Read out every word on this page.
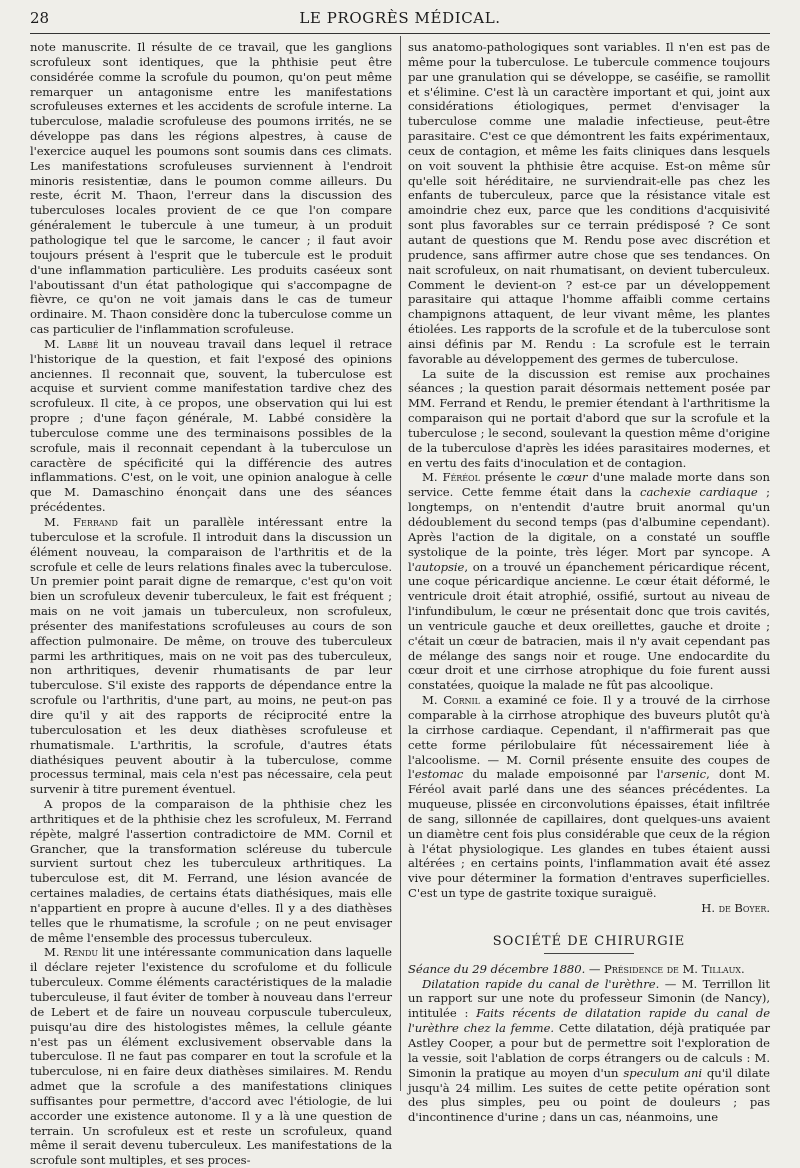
28	LE PROGRÈS MÉDICAL.

note manuscrite. Il résulte de ce travail, que les ganglions scrofuleux sont identiques, que la phthisie peut être considérée comme la scrofule du poumon, qu'on peut même remarquer un antagonisme entre les manifestations scrofuleuses externes et les accidents de scrofule interne. La tuberculose, maladie scrofuleuse des poumons irrités, ne se développe pas dans les régions alpestres, à cause de l'exercice auquel les poumons sont soumis dans ces climats. Les manifestations scrofuleuses surviennent à l'endroit minoris resistentiæ, dans le poumon comme ailleurs. Du reste, écrit M. Thaon, l'erreur dans la discussion des tuberculoses locales provient de ce que l'on compare généralement le tubercule à une tumeur, à un produit pathologique tel que le sarcome, le cancer ; il faut avoir toujours présent à l'esprit que le tubercule est le produit d'une inflammation particulière. Les produits caséeux sont l'aboutissant d'un état pathologique qui s'accompagne de fièvre, ce qu'on ne voit jamais dans le cas de tumeur ordinaire. M. Thaon considère donc la tuberculose comme un cas particulier de l'inflammation scrofuleuse.

M. Labbé lit un nouveau travail dans lequel il retrace l'historique de la question, et fait l'exposé des opinions anciennes. Il reconnait que, souvent, la tuberculose est acquise et survient comme manifestation tardive chez des scrofuleux. Il cite, à ce propos, une observation qui lui est propre ; d'une façon générale, M. Labbé considère la tuberculose comme une des terminaisons possibles de la scrofule, mais il reconnait cependant à la tuberculose un caractère de spécificité qui la différencie des autres inflammations. C'est, on le voit, une opinion analogue à celle que M. Damaschino énonçait dans une des séances précédentes.

M. Ferrand fait un parallèle intéressant entre la tuberculose et la scrofule. Il introduit dans la discussion un élément nouveau, la comparaison de l'arthritis et de la scrofule et celle de leurs relations finales avec la tuberculose. Un premier point parait digne de remarque, c'est qu'on voit bien un scrofuleux devenir tuberculeux, le fait est fréquent ; mais on ne voit jamais un tuberculeux, non scrofuleux, présenter des manifestations scrofuleuses au cours de son affection pulmonaire. De même, on trouve des tuberculeux parmi les arthritiques, mais on ne voit pas des tuberculeux, non arthritiques, devenir rhumatisants de par leur tuberculose. S'il existe des rapports de dépendance entre la scrofule ou l'arthritis, d'une part, au moins, ne peut-on pas dire qu'il y ait des rapports de réciprocité entre la tuberculosation et les deux diathèses scrofuleuse et rhumatismale. L'arthritis, la scrofule, d'autres états diathésiques peuvent aboutir à la tuberculose, comme processus terminal, mais cela n'est pas nécessaire, cela peut survenir à titre purement éventuel.

A propos de la comparaison de la phthisie chez les arthritiques et de la phthisie chez les scrofuleux, M. Ferrand répète, malgré l'assertion contradictoire de MM. Cornil et Grancher, que la transformation scléreuse du tubercule survient surtout chez les tuberculeux arthritiques. La tuberculose est, dit M. Ferrand, une lésion avancée de certaines maladies, de certains états diathésiques, mais elle n'appartient en propre à aucune d'elles. Il y a des diathèses telles que le rhumatisme, la scrofule ; on ne peut envisager de même l'ensemble des processus tuberculeux.

M. Rendu lit une intéressante communication dans laquelle il déclare rejeter l'existence du scrofulome et du follicule tuberculeux. Comme éléments caractéristiques de la maladie tuberculeuse, il faut éviter de tomber à nouveau dans l'erreur de Lebert et de faire un nouveau corpuscule tuberculeux, puisqu'au dire des histologistes mêmes, la cellule géante n'est pas un élément exclusivement observable dans la tuberculose. Il ne faut pas comparer en tout la scrofule et la tuberculose, ni en faire deux diathèses similaires. M. Rendu admet que la scrofule a des manifestations cliniques suffisantes pour permettre, d'accord avec l'étiologie, de lui accorder une existence autonome. Il y a là une question de terrain. Un scrofuleux est et reste un scrofuleux, quand même il serait devenu tuberculeux. Les manifestations de la scrofule sont multiples, et ses proces-

sus anatomo-pathologiques sont variables. Il n'en est pas de même pour la tuberculose. Le tubercule commence toujours par une granulation qui se développe, se caséifie, se ramollit et s'élimine. C'est là un caractère important et qui, joint aux considérations étiologiques, permet d'envisager la tuberculose comme une maladie infectieuse, peut-être parasitaire. C'est ce que démontrent les faits expérimentaux, ceux de contagion, et même les faits cliniques dans lesquels on voit souvent la phthisie être acquise. Est-on même sûr qu'elle soit héréditaire, ne surviendrait-elle pas chez les enfants de tuberculeux, parce que la résistance vitale est amoindrie chez eux, parce que les conditions d'acquisivité sont plus favorables sur ce terrain prédisposé ? Ce sont autant de questions que M. Rendu pose avec discrétion et prudence, sans affirmer autre chose que ses tendances. On nait scrofuleux, on nait rhumatisant, on devient tuberculeux. Comment le devient-on ? est-ce par un développement parasitaire qui attaque l'homme affaibli comme certains champignons attaquent, de leur vivant même, les plantes étiolées. Les rapports de la scrofule et de la tuberculose sont ainsi définis par M. Rendu : La scrofule est le terrain favorable au développement des germes de tuberculose.

La suite de la discussion est remise aux prochaines séances ; la question parait désormais nettement posée par MM. Ferrand et Rendu, le premier étendant à l'arthritisme la comparaison qui ne portait d'abord que sur la scrofule et la tuberculose ; le second, soulevant la question même d'origine de la tuberculose d'après les idées parasitaires modernes, et en vertu des faits d'inoculation et de contagion.

M. Féréol présente le cœur d'une malade morte dans son service. Cette femme était dans la cachexie cardiaque ; longtemps, on n'entendit d'autre bruit anormal qu'un dédoublement du second temps (pas d'albumine cependant). Après l'action de la digitale, on a constaté un souffle systolique de la pointe, très léger. Mort par syncope. A l'autopsie, on a trouvé un épanchement péricardique récent, une coque péricardique ancienne. Le cœur était déformé, le ventricule droit était atrophié, ossifié, surtout au niveau de l'infundibulum, le cœur ne présentait donc que trois cavités, un ventricule gauche et deux oreillettes, gauche et droite ; c'était un cœur de batracien, mais il n'y avait cependant pas de mélange des sangs noir et rouge. Une endocardite du cœur droit et une cirrhose atrophique du foie furent aussi constatées, quoique la malade ne fût pas alcoolique.

M. Cornil a examiné ce foie. Il y a trouvé de la cirrhose comparable à la cirrhose atrophique des buveurs plutôt qu'à la cirrhose cardiaque. Cependant, il n'affirmerait pas que cette forme périlobulaire fût nécessairement liée à l'alcoolisme. — M. Cornil présente ensuite des coupes de l'estomac du malade empoisonné par l'arsenic, dont M. Féréol avait parlé dans une des séances précédentes. La muqueuse, plissée en circonvolutions épaisses, était infiltrée de sang, sillonnée de capillaires, dont quelques-uns avaient un diamètre cent fois plus considérable que ceux de la région à l'état physiologique. Les glandes en tubes étaient aussi altérées ; en certains points, l'inflammation avait été assez vive pour déterminer la formation d'entraves superficielles. C'est un type de gastrite toxique suraiguë.
H. de Boyer.

SOCIÉTÉ DE CHIRURGIE

Séance du 29 décembre 1880. — Présidence de M. Tillaux.

Dilatation rapide du canal de l'urèthre. — M. Terrillon lit un rapport sur une note du professeur Simonin (de Nancy), intitulée : Faits récents de dilatation rapide du canal de l'urèthre chez la femme. Cette dilatation, déjà pratiquée par Astley Cooper, a pour but de permettre soit l'exploration de la vessie, soit l'ablation de corps étrangers ou de calculs : M. Simonin la pratique au moyen d'un speculum ani qu'il dilate jusqu'à 24 millim. Les suites de cette petite opération sont des plus simples, peu ou point de douleurs ; pas d'incontinence d'urine ; dans un cas, néanmoins, une
